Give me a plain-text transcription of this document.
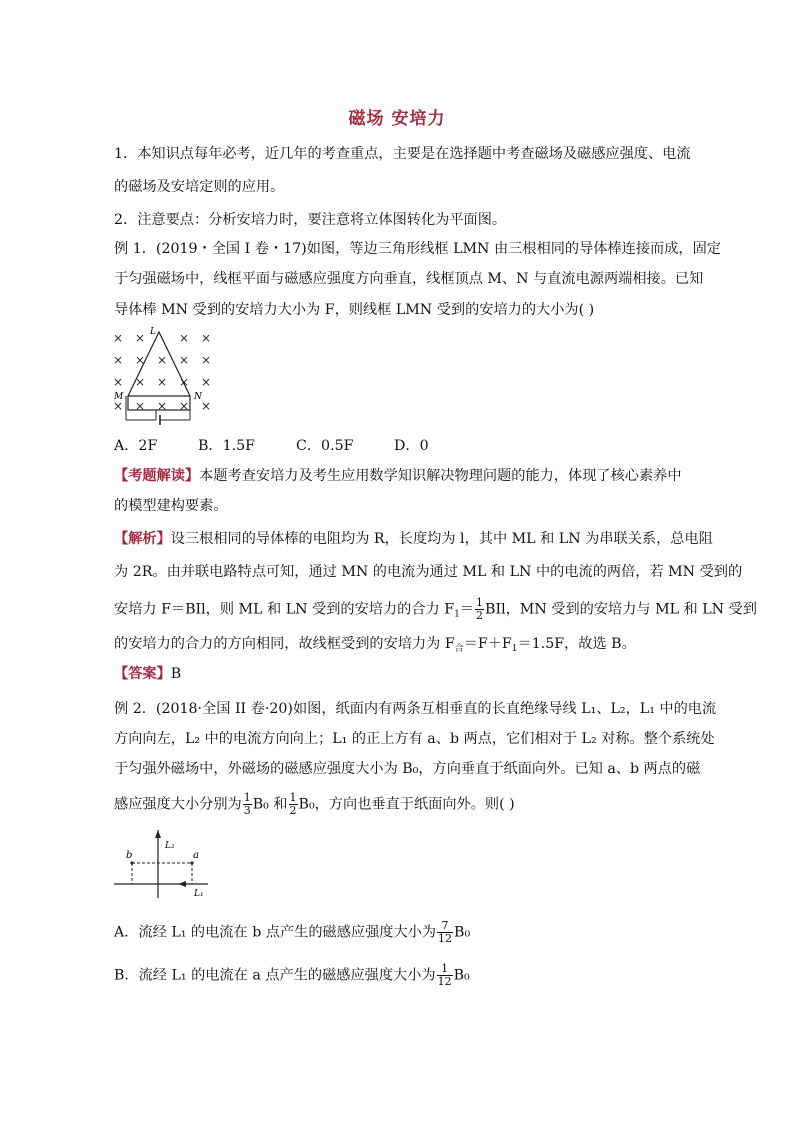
磁场 安培力
1．本知识点每年必考，近几年的考查重点，主要是在选择题中考查磁场及磁感应强度、电流
的磁场及安培定则的应用。
2．注意要点：分析安培力时，要注意将立体图转化为平面图。
例 1．(2019・全国 I 卷・17)如图，等边三角形线框 LMN 由三根相同的导体棒连接而成，固定
于匀强磁场中，线框平面与磁感应强度方向垂直，线框顶点 M、N 与直流电源两端相接。已知
导体棒 MN 受到的安培力大小为 F，则线框 LMN 受到的安培力的大小为( )
× ×	× ×
× × × × ×
× × × × ×
× × × × ×
L
M	N
A．2F	B．1.5F	C．0.5F	D．0
【考题解读】本题考查安培力及考生应用数学知识解决物理问题的能力，体现了核心素养中
的模型建构要素。
【解析】设三根相同的导体棒的电阻均为 R，长度均为 l，其中 ML 和 LN 为串联关系，总电阻
为 2R。由并联电路特点可知，通过 MN 的电流为通过 ML 和 LN 中的电流的两倍，若 MN 受到的
安培力 F＝BIl，则 ML 和 LN 受到的安培力的合力 $F_1= \frac{1}{2}$ BIl，MN 受到的安培力与 ML 和 LN 受到
的安培力的合力的方向相同，故线框受到的安培力为 $F_合=F+F_1=1.5F$，故选 B。
【答案】B
例 2．(2018·全国 II 卷·20)如图，纸面内有两条互相垂直的长直绝缘导线 L₁、L₂，L₁ 中的电流
方向向左，L₂ 中的电流方向向上；L₁ 的正上方有 a、b 两点，它们相对于 L₂ 对称。整个系统处
于匀强外磁场中，外磁场的磁感应强度大小为 B₀，方向垂直于纸面向外。已知 a、b 两点的磁
感应强度大小分别为 $\frac{1}{3} B_0$ 和 $\frac{1}{2} B_0$，方向也垂直于纸面向外。则( )
b	a
L₂
L₁
A．流经 L₁ 的电流在 b 点产生的磁感应强度大小为 $\frac{7}{12} B_0$
B．流经 L₁ 的电流在 a 点产生的磁感应强度大小为 $\frac{1}{12} B_0$
